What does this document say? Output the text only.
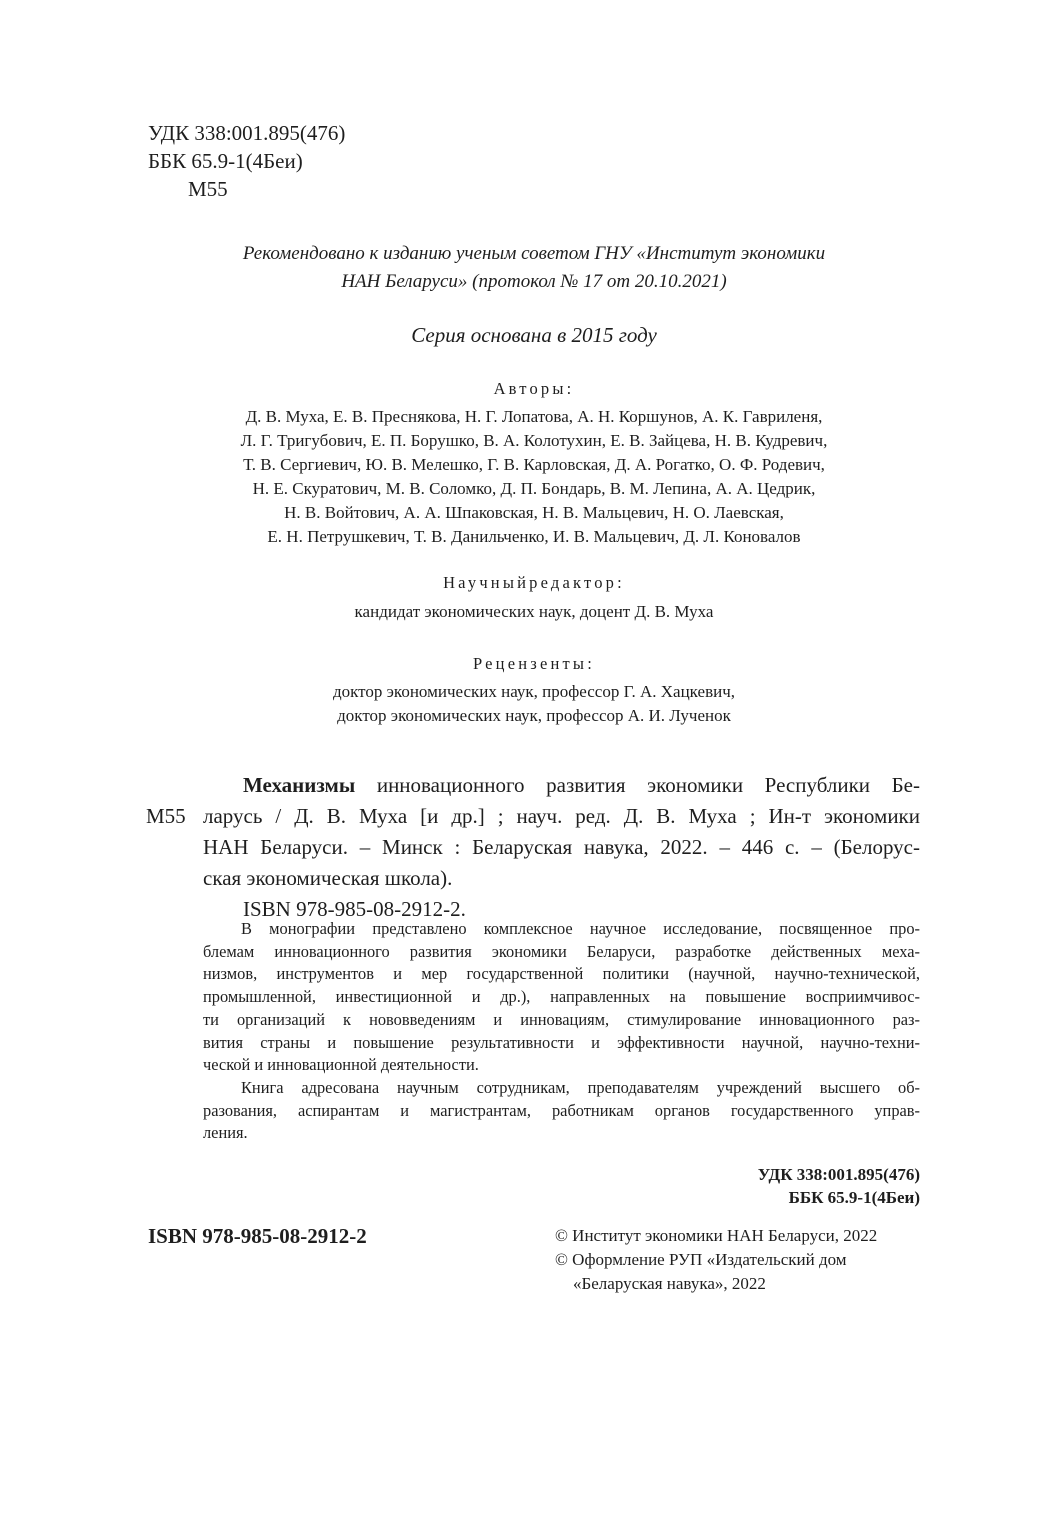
УДК 338:001.895(476)
ББК 65.9-1(4Беи)
М55
Рекомендовано к изданию ученым советом ГНУ «Институт экономики
НАН Беларуси» (протокол № 17 от 20.10.2021)
Серия основана в 2015 году
Авторы:
Д. В. Муха, Е. В. Преснякова, Н. Г. Лопатова, А. Н. Коршунов, А. К. Гавриленя,
Л. Г. Тригубович, Е. П. Борушко, В. А. Колотухин, Е. В. Зайцева, Н. В. Кудревич,
Т. В. Сергиевич, Ю. В. Мелешко, Г. В. Карловская, Д. А. Рогатко, О. Ф. Родевич,
Н. Е. Скуратович, М. В. Соломко, Д. П. Бондарь, В. М. Лепина, А. А. Цедрик,
Н. В. Войтович, А. А. Шпаковская, Н. В. Мальцевич, Н. О. Лаевская,
Е. Н. Петрушкевич, Т. В. Данильченко, И. В. Мальцевич, Д. Л. Коновалов
Научныйредактор:
кандидат экономических наук, доцент Д. В. Муха
Рецензенты:
доктор экономических наук, профессор Г. А. Хацкевич,
доктор экономических наук, профессор А. И. Лученок
М55
Механизмы инновационного развития экономики Республики Бе-
ларусь / Д. В. Муха [и др.] ; науч. ред. Д. В. Муха ; Ин-т экономики
НАН Беларуси. – Минск : Беларуская навука, 2022. – 446 с. – (Белорус-
ская экономическая школа).
ISBN 978-985-08-2912-2.
В монографии представлено комплексное научное исследование, посвященное про-
блемам инновационного развития экономики Беларуси, разработке действенных меха-
низмов, инструментов и мер государственной политики (научной, научно-технической,
промышленной, инвестиционной и др.), направленных на повышение восприимчивос-
ти организаций к нововведениям и инновациям, стимулирование инновационного раз-
вития страны и повышение результативности и эффективности научной, научно-техни-
ческой и инновационной деятельности.
Книга адресована научным сотрудникам, преподавателям учреждений высшего об-
разования, аспирантам и магистрантам, работникам органов государственного управ-
ления.
УДК 338:001.895(476)
ББК 65.9-1(4Беи)
ISBN 978-985-08-2912-2	© Институт экономики НАН Беларуси, 2022
© Оформление РУП «Издательский дом
«Беларуская навука», 2022
